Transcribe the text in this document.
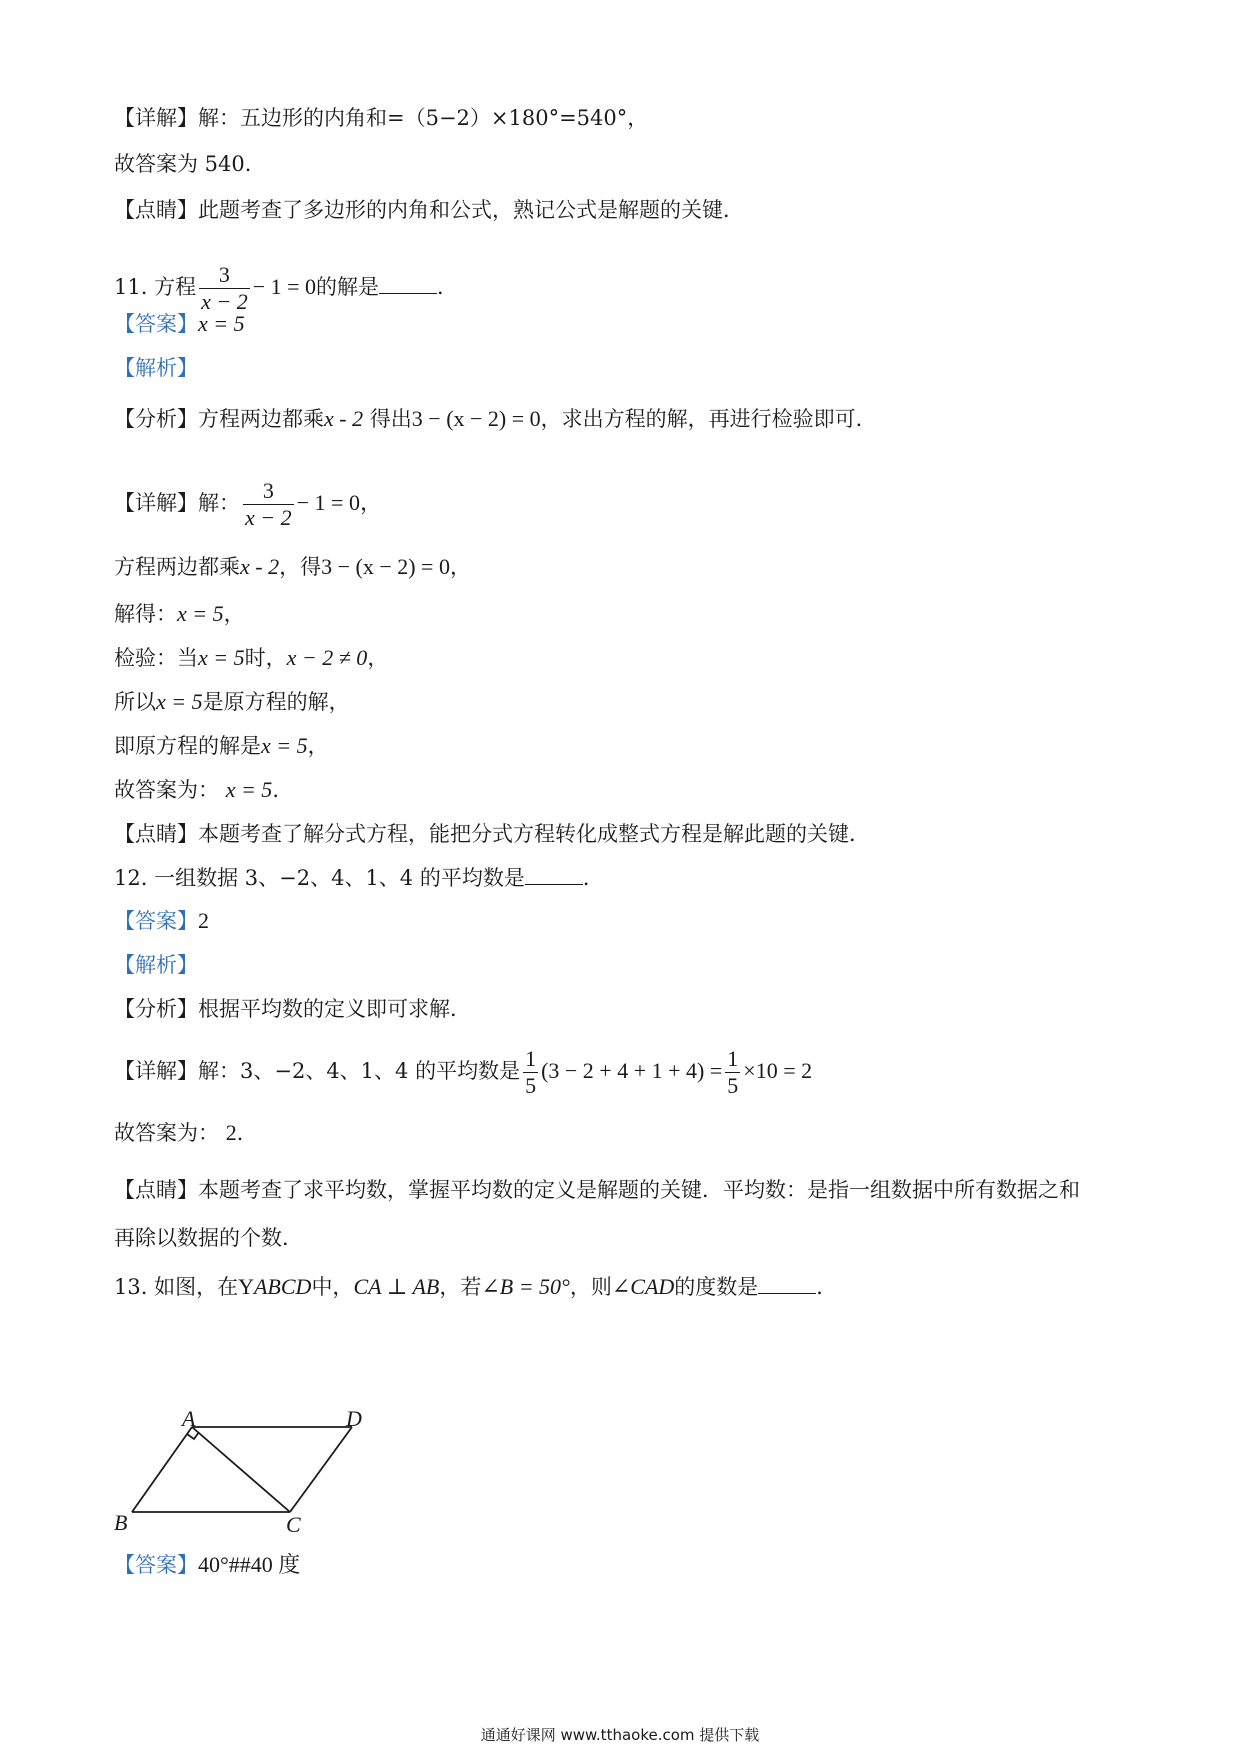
【详解】解：五边形的内角和=（5−2）×180°=540°，
故答案为 540．
【点睛】此题考查了多边形的内角和公式，熟记公式是解题的关键．
11. 方程 $\frac{3}{x - 2} - 1 = 0$的解是	．
【答案】x = 5
【解析】
【分析】方程两边都乘x - 2 得出3 − (x − 2) = 0，求出方程的解，再进行检验即可．
【详解】解： $\frac{3}{x - 2} - 1 = 0$，
方程两边都乘x - 2，得3 − (x − 2) = 0，
解得：x = 5，
检验：当x = 5时，x − 2 ≠ 0，
所以x = 5是原方程的解，
即原方程的解是x = 5，
故答案为： x = 5.
【点睛】本题考查了解分式方程，能把分式方程转化成整式方程是解此题的关键．
12. 一组数据 3、−2、4、1、4 的平均数是	．
【答案】2
【解析】
【分析】根据平均数的定义即可求解．
【详解】解：3、−2、4、1、4 的平均数是 $\frac{1}{5} (3 - 2 + 4 + 1 + 4) = \frac{1}{5} \times 10 = 2$
故答案为： 2．
【点睛】本题考查了求平均数，掌握平均数的定义是解题的关键．平均数：是指一组数据中所有数据之和
再除以数据的个数．
13. 如图，在YABCD中，CA ⊥ AB，若∠B = 50°，则∠CAD的度数是	．
A	D
B	C
【答案】40°##40 度
通通好课网 www.tthaoke.com 提供下载
